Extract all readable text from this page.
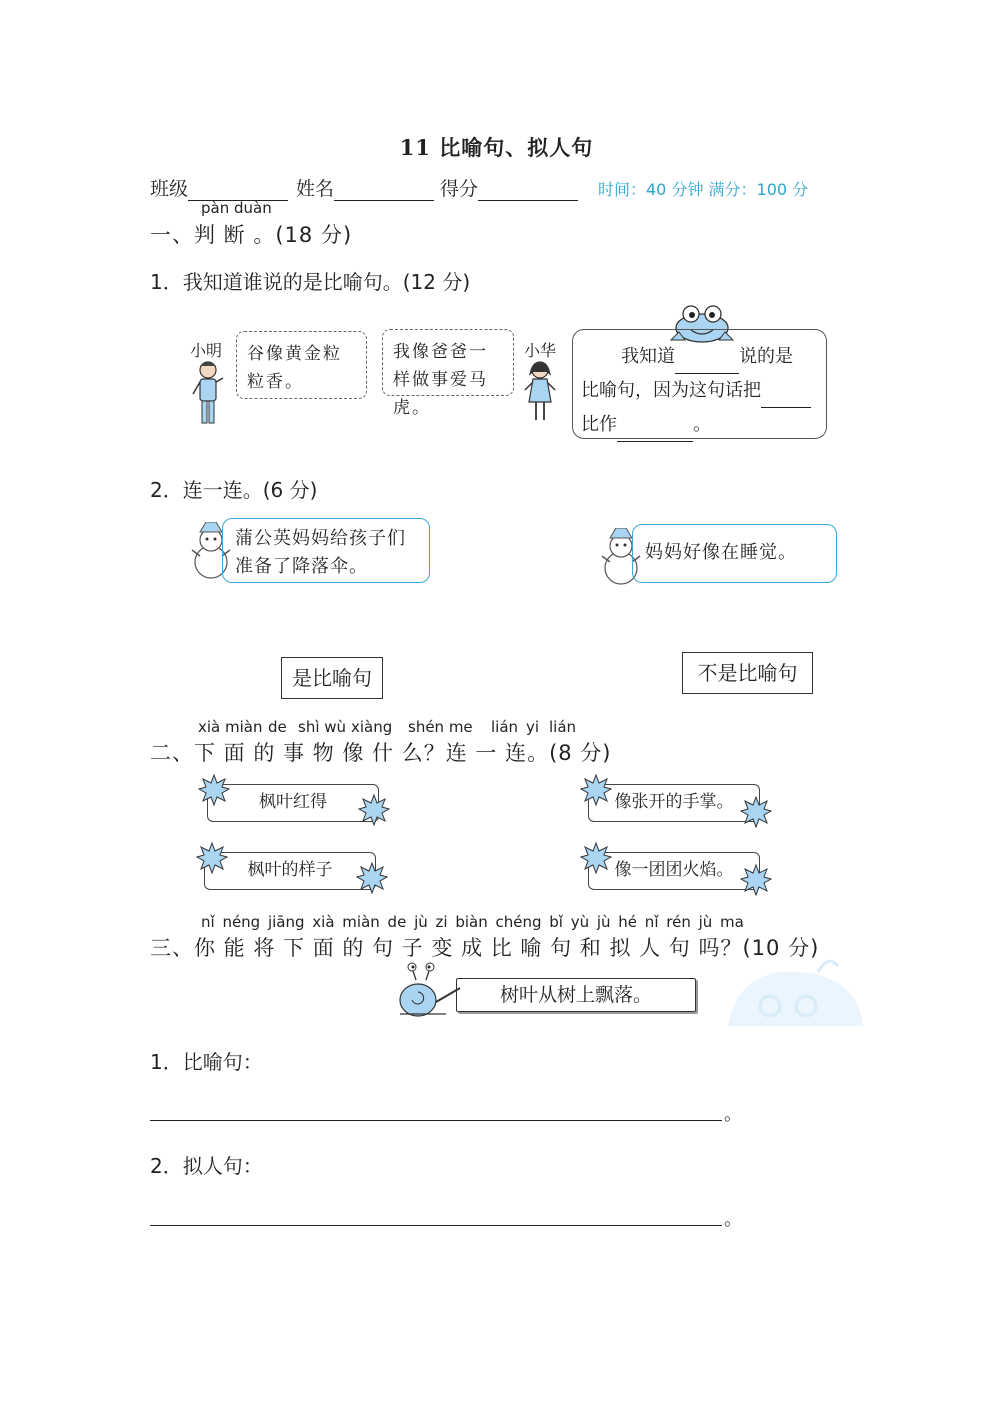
11 比喻句、拟人句
班级	姓名	得分	时间：40 分钟 满分：100 分
pàn duàn
一、判 断 。(18 分)
1．我知道谁说的是比喻句。(12 分)
小明	谷像黄金粒粒香。
我像爸爸一样做事爱马虎。
小华	我知道	说的是
比喻句，因为这句话把
比作	。
2．连一连。(6 分)
蒲公英妈妈给孩子们准备了降落伞。
妈妈好像在睡觉。
是比喻句	不是比喻句
xià miàn de shì wù xiàng shén me lián yi lián
二、下 面 的 事 物 像 什 么？连 一 连。(8 分)
枫叶红得
枫叶的样子
像张开的手掌。
像一团团火焰。
nǐ néng jiāng xià miàn de jù zi biàn chéng bǐ yù jù hé nǐ rén jù ma
三、你 能 将 下 面 的 句 子 变 成 比 喻 句 和 拟 人 句 吗？(10 分)
树叶从树上飘落。
1．比喻句：
。
2．拟人句：
。
